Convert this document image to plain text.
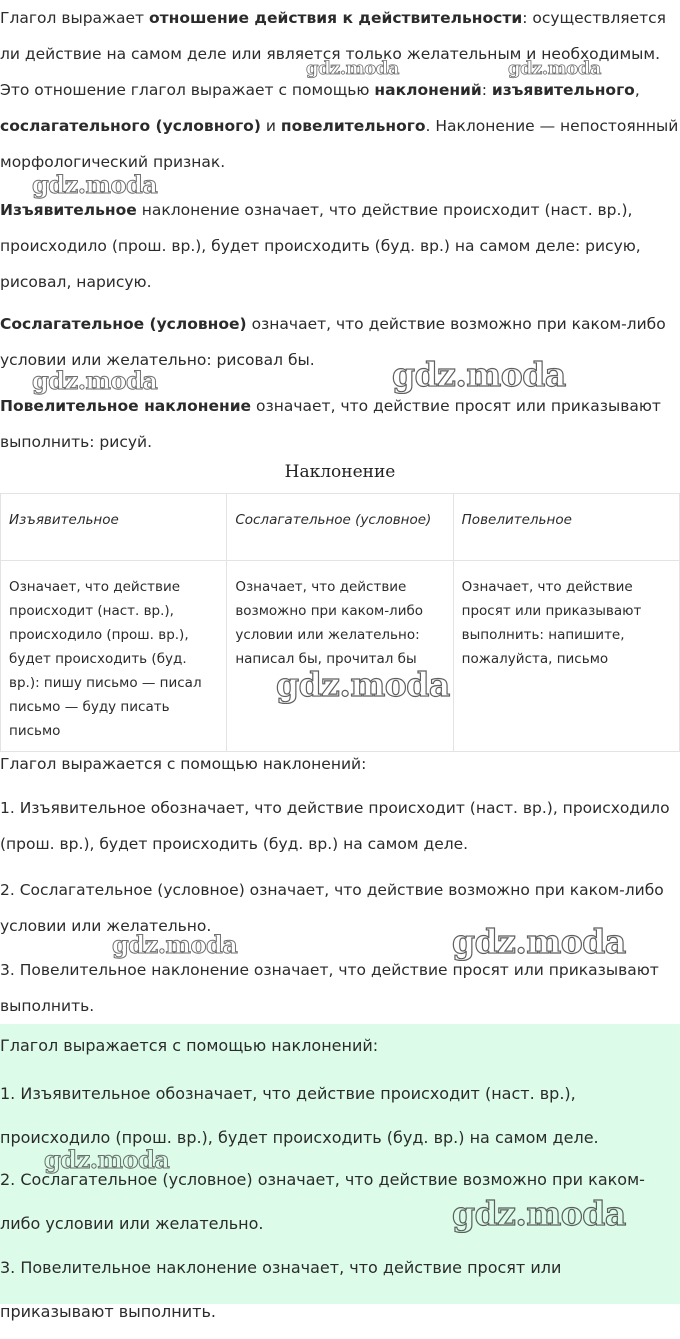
Глагол выражает отношение действия к действительности: осуществляется ли действие на самом деле или является только желательным и необходимым. Это отношение глагол выражает с помощью наклонений: изъявительного, сослагательного (условного) и повелительного. Наклонение — непостоянный морфологический признак.

Изъявительное наклонение означает, что действие происходит (наст. вр.), происходило (прош. вр.), будет происходить (буд. вр.) на самом деле: рисую, рисовал, нарисую.

Сослагательное (условное) означает, что действие возможно при каком-либо условии или желательно: рисовал бы.

Повелительное наклонение означает, что действие просят или приказывают выполнить: рисуй.

Наклонение
Изъявительное	Сослагательное (условное)	Повелительное
Означает, что действие происходит (наст. вр.), происходило (прош. вр.), будет происходить (буд. вр.): пишу письмо — писал письмо — буду писать письмо	Означает, что действие возможно при каком-либо условии или желательно: написал бы, прочитал бы	Означает, что действие просят или приказывают выполнить: напишите, пожалуйста, письмо

Глагол выражается с помощью наклонений:

1. Изъявительное обозначает, что действие происходит (наст. вр.), происходило (прош. вр.), будет происходить (буд. вр.) на самом деле.

2. Сослагательное (условное) означает, что действие возможно при каком-либо условии или желательно.

3. Повелительное наклонение означает, что действие просят или приказывают выполнить.

Глагол выражается с помощью наклонений:

1. Изъявительное обозначает, что действие происходит (наст. вр.), происходило (прош. вр.), будет происходить (буд. вр.) на самом деле.

2. Сослагательное (условное) означает, что действие возможно при каком-либо условии или желательно.

3. Повелительное наклонение означает, что действие просят или приказывают выполнить.

gdz.moda	gdz.moda
gdz.moda
gdz.moda	gdz.moda
gdz.moda
gdz.moda	gdz.moda
gdz.moda
gdz.moda
